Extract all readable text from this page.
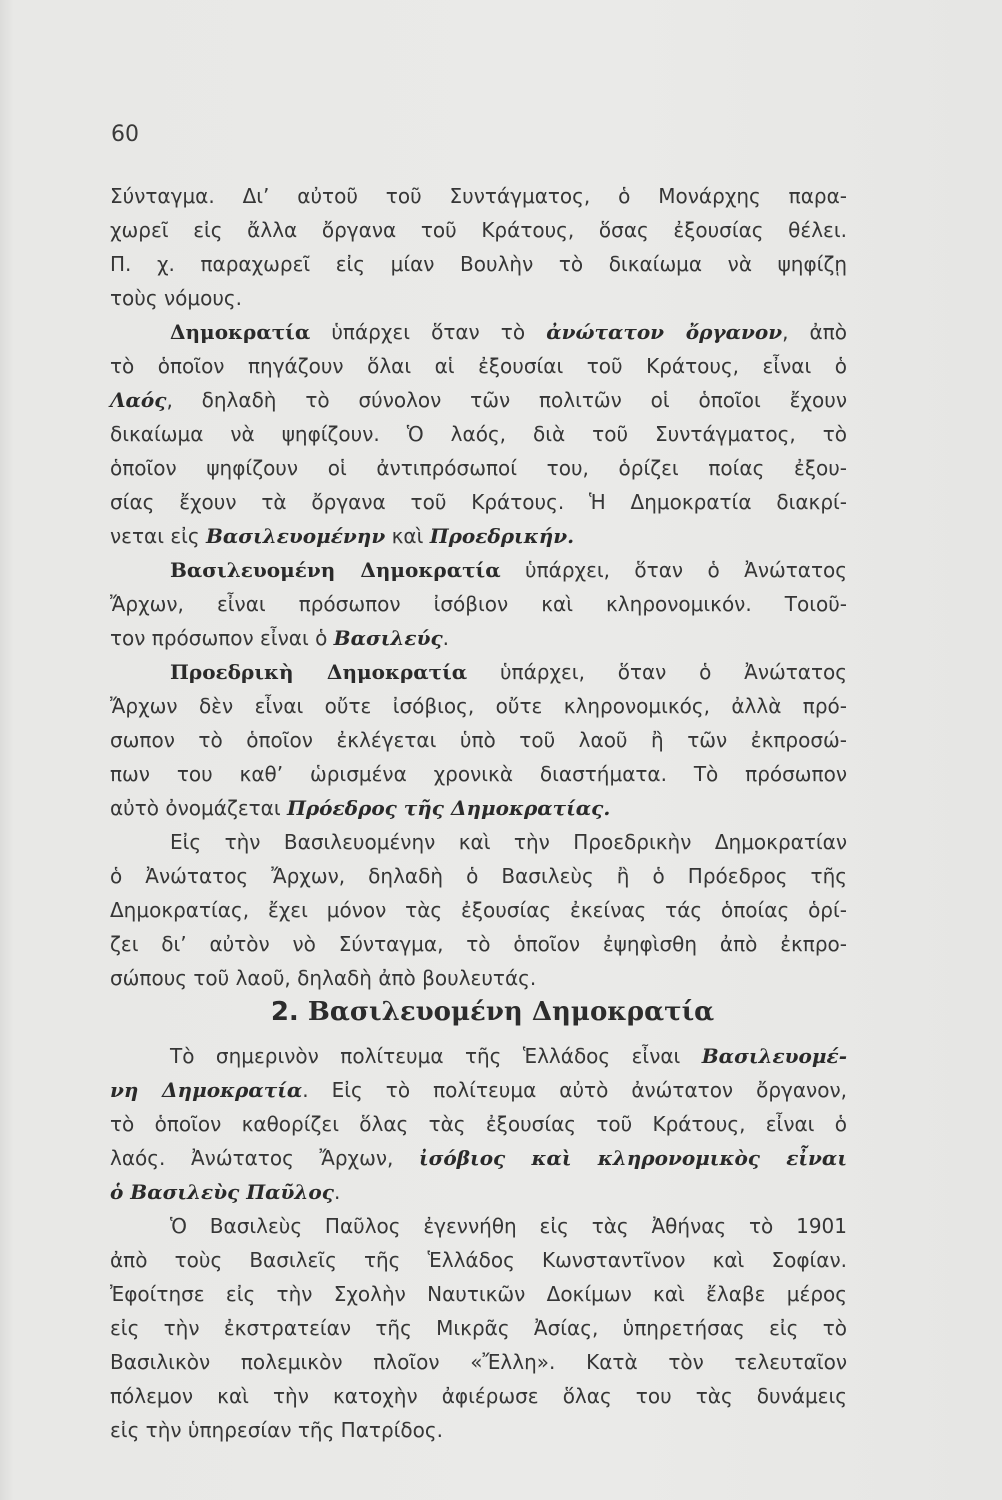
60
Σύνταγμα. Δι’ αὐτοῦ τοῦ Συντάγματος, ὁ Μονάρχης παρα-
χωρεῖ εἰς ἄλλα ὄργανα τοῦ Κράτους, ὅσας ἐξουσίας θέλει.
Π. χ. παραχωρεῖ εἰς μίαν Βουλὴν τὸ δικαίωμα νὰ ψηφίζῃ
τοὺς νόμους.
Δημοκρατία ὑπάρχει ὅταν τὸ ἀνώτατον ὄργανον, ἀπὸ
τὸ ὁποῖον πηγάζουν ὅλαι αἱ ἐξουσίαι τοῦ Κράτους, εἶναι ὁ
Λαός, δηλαδὴ τὸ σύνολον τῶν πολιτῶν οἱ ὁποῖοι ἔχουν
δικαίωμα νὰ ψηφίζουν. Ὁ λαός, διὰ τοῦ Συντάγματος, τὸ
ὁποῖον ψηφίζουν οἱ ἀντιπρόσωποί του, ὁρίζει ποίας ἐξου-
σίας ἔχουν τὰ ὄργανα τοῦ Κράτους. Ἡ Δημοκρατία διακρί-
νεται εἰς Βασιλευομένην καὶ Προεδρικήν.
Βασιλευομένη Δημοκρατία ὑπάρχει, ὅταν ὁ Ἀνώτατος
Ἄρχων, εἶναι πρόσωπον ἰσόβιον καὶ κληρονομικόν. Τοιοῦ-
τον πρόσωπον εἶναι ὁ Βασιλεύς.
Προεδρικὴ Δημοκρατία ὑπάρχει, ὅταν ὁ Ἀνώτατος
Ἄρχων δὲν εἶναι οὔτε ἰσόβιος, οὔτε κληρονομικός, ἀλλὰ πρό-
σωπον τὸ ὁποῖον ἐκλέγεται ὑπὸ τοῦ λαοῦ ἢ τῶν ἐκπροσώ-
πων του καθ’ ὡρισμένα χρονικὰ διαστήματα. Τὸ πρόσωπον
αὐτὸ ὀνομάζεται Πρόεδρος τῆς Δημοκρατίας.
Εἰς τὴν Βασιλευομένην καὶ τὴν Προεδρικὴν Δημοκρατίαν
ὁ Ἀνώτατος Ἄρχων, δηλαδὴ ὁ Βασιλεὺς ἢ ὁ Πρόεδρος τῆς
Δημοκρατίας, ἔχει μόνον τὰς ἐξουσίας ἐκείνας τάς ὁποίας ὁρί-
ζει δι’ αὐτὸν νὸ Σύνταγμα, τὸ ὁποῖον ἐψηφὶσθη ἀπὸ ἐκπρο-
σώπους τοῦ λαοῦ, δηλαδὴ ἀπὸ βουλευτάς.
2. Βασιλευομένη Δημοκρατία
Τὸ σημερινὸν πολίτευμα τῆς Ἑλλάδος εἶναι Βασιλευομέ-
νη Δημοκρατία. Εἰς τὸ πολίτευμα αὐτὸ ἀνώτατον ὄργανον,
τὸ ὁποῖον καθορίζει ὅλας τὰς ἐξουσίας τοῦ Κράτους, εἶναι ὁ
λαός. Ἀνώτατος Ἄρχων, ἰσόβιος καὶ κληρονομικὸς εἶναι
ὁ Βασιλεὺς Παῦλος.
Ὁ Βασιλεὺς Παῦλος ἐγεννήθη εἰς τὰς Ἀθήνας τὸ 1901
ἀπὸ τοὺς Βασιλεῖς τῆς Ἑλλάδος Κωνσταντῖνον καὶ Σοφίαν.
Ἐφοίτησε εἰς τὴν Σχολὴν Ναυτικῶν Δοκίμων καὶ ἔλαβε μέρος
εἰς τὴν ἐκστρατείαν τῆς Μικρᾶς Ἀσίας, ὑπηρετήσας εἰς τὸ
Βασιλικὸν πολεμικὸν πλοῖον «Ἔλλη». Κατὰ τὸν τελευταῖον
πόλεμον καὶ τὴν κατοχὴν ἀφιέρωσε ὅλας του τὰς δυνάμεις
εἰς τὴν ὑπηρεσίαν τῆς Πατρίδος.
